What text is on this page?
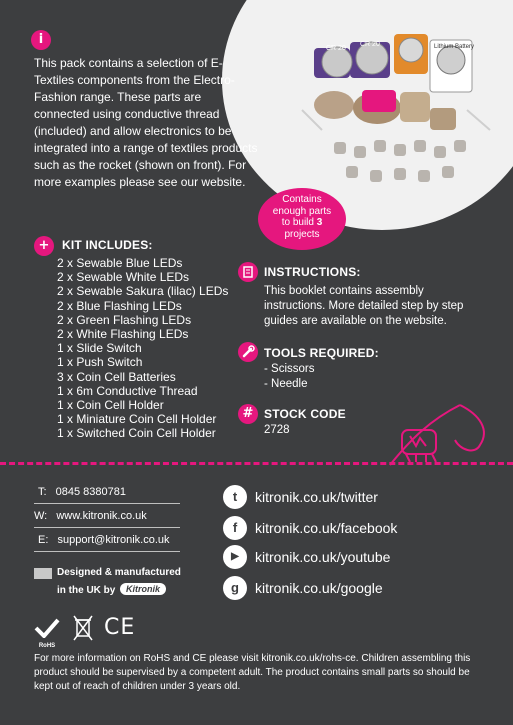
CR 20
CR 20	Lithium Battery
i
This pack contains a selection of E-Textiles components from the Electro-Fashion range. These parts are connected using conductive thread (included) and allow electronics to be integrated into a range of textiles products such as the rocket (shown on front). For more examples please see our website.
Contains
enough parts
to build 3
projects
+	KIT INCLUDES:
2 x Sewable Blue LEDs
2 x Sewable White LEDs
2 x Sewable Sakura (lilac) LEDs
2 x Blue Flashing LEDs
2 x Green Flashing LEDs
2 x White Flashing LEDs
1 x Slide Switch
1 x Push Switch
3 x Coin Cell Batteries
1 x 6m Conductive Thread
1 x Coin Cell Holder
1 x Miniature Coin Cell Holder
1 x Switched Coin Cell Holder
INSTRUCTIONS:
This booklet contains assembly instructions. More detailed step by step guides are available on the website.
TOOLS REQUIRED:
- Scissors
- Needle
# STOCK CODE
2728
T: 0845 8380781
W: www.kitronik.co.uk
E: support@kitronik.co.uk
Designed & manufactured
in the UK by	Kitronik
t	kitronik.co.uk/twitter
f	kitronik.co.uk/facebook
▶	kitronik.co.uk/youtube
g	kitronik.co.uk/google
RoHS
CE
For more information on RoHS and CE please visit kitronik.co.uk/rohs-ce. Children assembling this product should be supervised by a competent adult. The product contains small parts so should be kept out of reach of children under 3 years old.
